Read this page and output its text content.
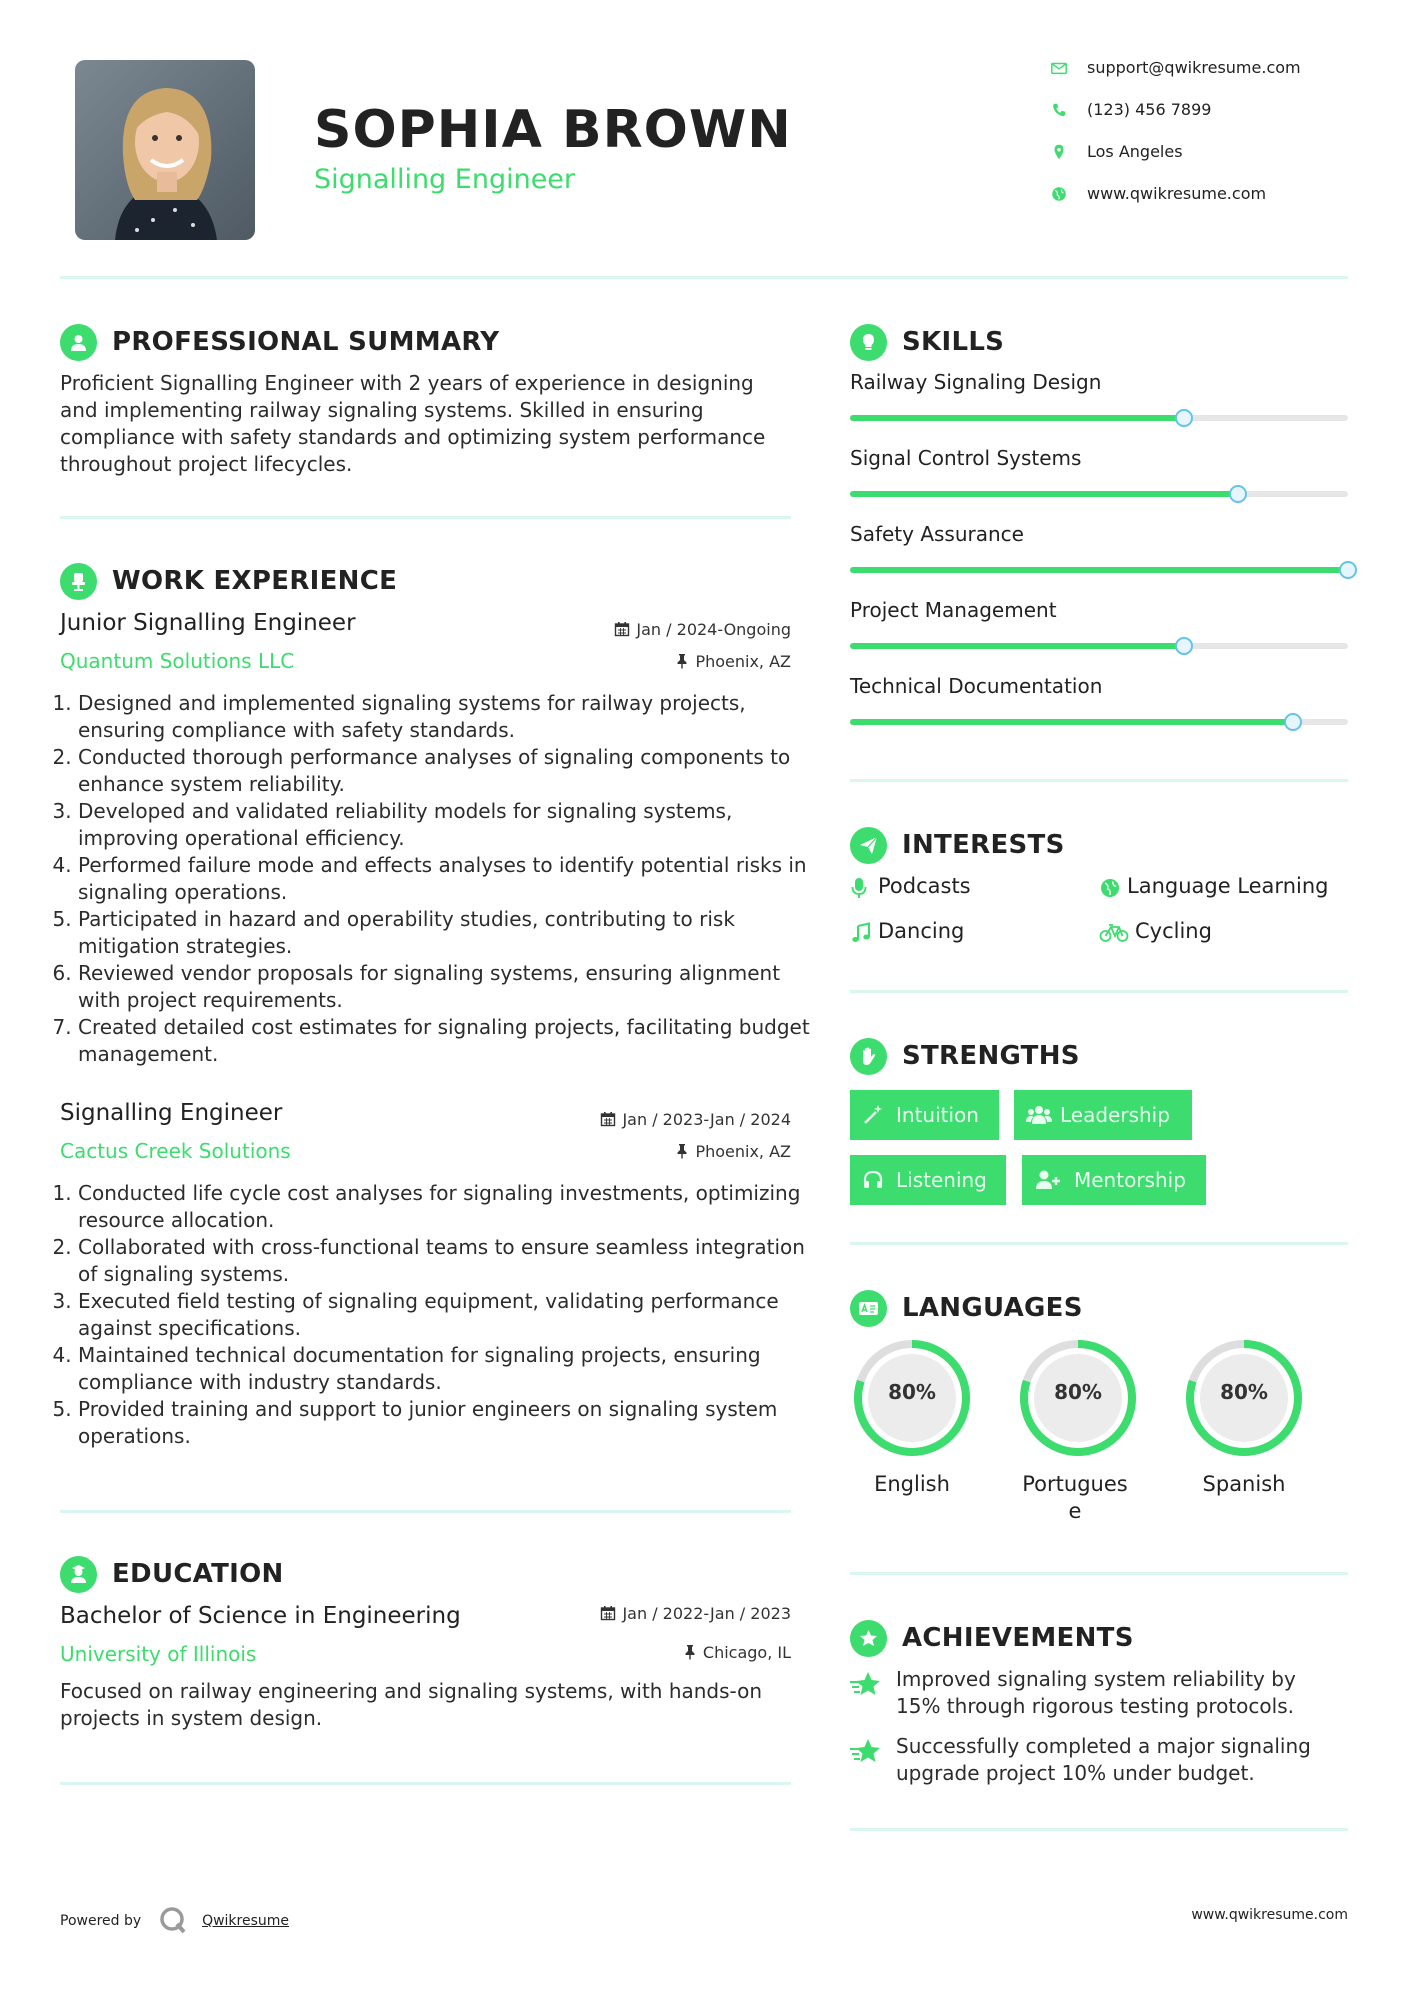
SOPHIA BROWN
Signalling Engineer
support@qwikresume.com
(123) 456 7899
Los Angeles
www.qwikresume.com
PROFESSIONAL SUMMARY
Proficient Signalling Engineer with 2 years of experience in designing and implementing railway signaling systems. Skilled in ensuring compliance with safety standards and optimizing system performance throughout project lifecycles.
WORK EXPERIENCE
Junior Signalling Engineer
Quantum Solutions LLC
Jan / 2024-Ongoing
Phoenix, AZ
1. Designed and implemented signaling systems for railway projects, ensuring compliance with safety standards.
2. Conducted thorough performance analyses of signaling components to enhance system reliability.
3. Developed and validated reliability models for signaling systems, improving operational efficiency.
4. Performed failure mode and effects analyses to identify potential risks in signaling operations.
5. Participated in hazard and operability studies, contributing to risk mitigation strategies.
6. Reviewed vendor proposals for signaling systems, ensuring alignment with project requirements.
7. Created detailed cost estimates for signaling projects, facilitating budget management.
Signalling Engineer
Cactus Creek Solutions
Jan / 2023-Jan / 2024
Phoenix, AZ
1. Conducted life cycle cost analyses for signaling investments, optimizing resource allocation.
2. Collaborated with cross-functional teams to ensure seamless integration of signaling systems.
3. Executed field testing of signaling equipment, validating performance against specifications.
4. Maintained technical documentation for signaling projects, ensuring compliance with industry standards.
5. Provided training and support to junior engineers on signaling system operations.
EDUCATION
Bachelor of Science in Engineering
University of Illinois
Jan / 2022-Jan / 2023
Chicago, IL
Focused on railway engineering and signaling systems, with hands-on projects in system design.
SKILLS
Railway Signaling Design
Signal Control Systems
Safety Assurance
Project Management
Technical Documentation
INTERESTS
Podcasts	Language Learning
Dancing	Cycling
STRENGTHS
Intuition	Leadership
Listening	Mentorship
LANGUAGES
80%
English
80%
Portuguese
80%
Spanish
ACHIEVEMENTS
Improved signaling system reliability by 15% through rigorous testing protocols.
Successfully completed a major signaling upgrade project 10% under budget.
Powered by	Qwikresume	www.qwikresume.com
